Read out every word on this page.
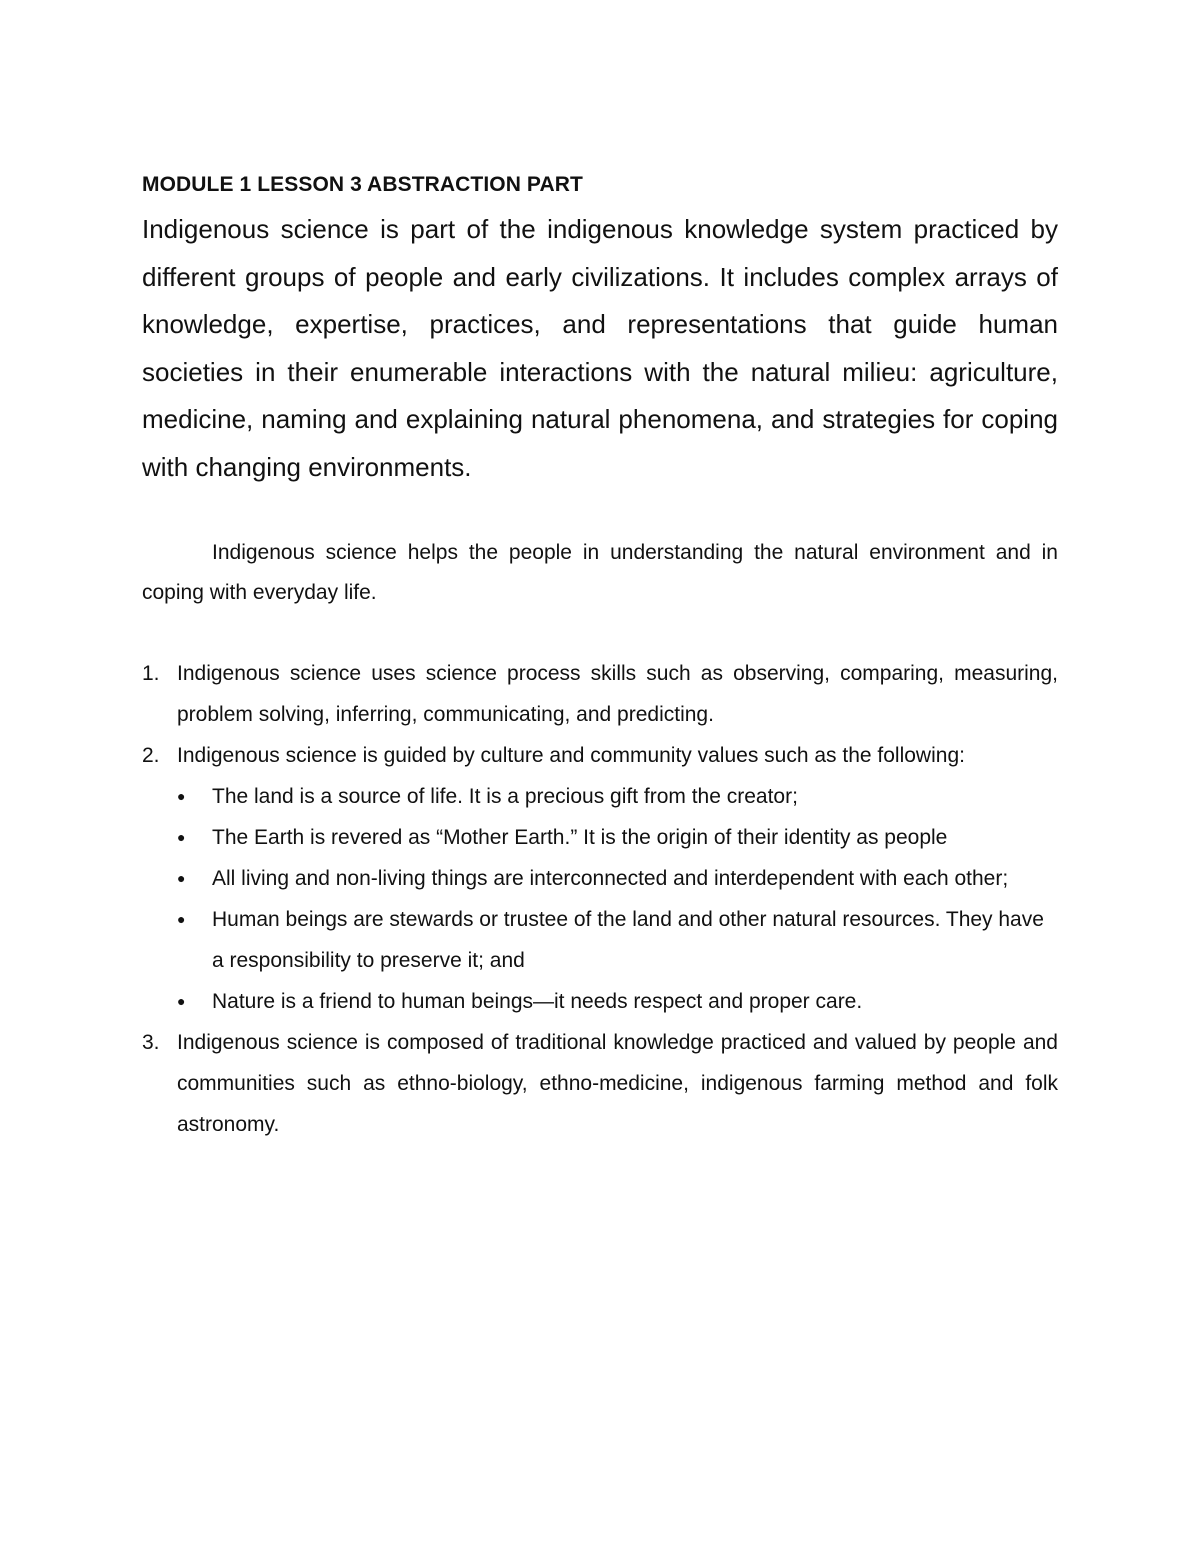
MODULE 1 LESSON 3 ABSTRACTION PART

Indigenous science is part of the indigenous knowledge system practiced by different groups of people and early civilizations. It includes complex arrays of knowledge, expertise, practices, and representations that guide human societies in their enumerable interactions with the natural milieu: agriculture, medicine, naming and explaining natural phenomena, and strategies for coping with changing environments.

Indigenous science helps the people in understanding the natural environment and in coping with everyday life.

1. Indigenous science uses science process skills such as observing, comparing, measuring, problem solving, inferring, communicating, and predicting.
2. Indigenous science is guided by culture and community values such as the following:
● The land is a source of life. It is a precious gift from the creator;
● The Earth is revered as “Mother Earth.” It is the origin of their identity as people
● All living and non-living things are interconnected and interdependent with each other;
● Human beings are stewards or trustee of the land and other natural resources. They have a responsibility to preserve it; and
● Nature is a friend to human beings—it needs respect and proper care.
3. Indigenous science is composed of traditional knowledge practiced and valued by people and communities such as ethno-biology, ethno-medicine, indigenous farming method and folk astronomy.
